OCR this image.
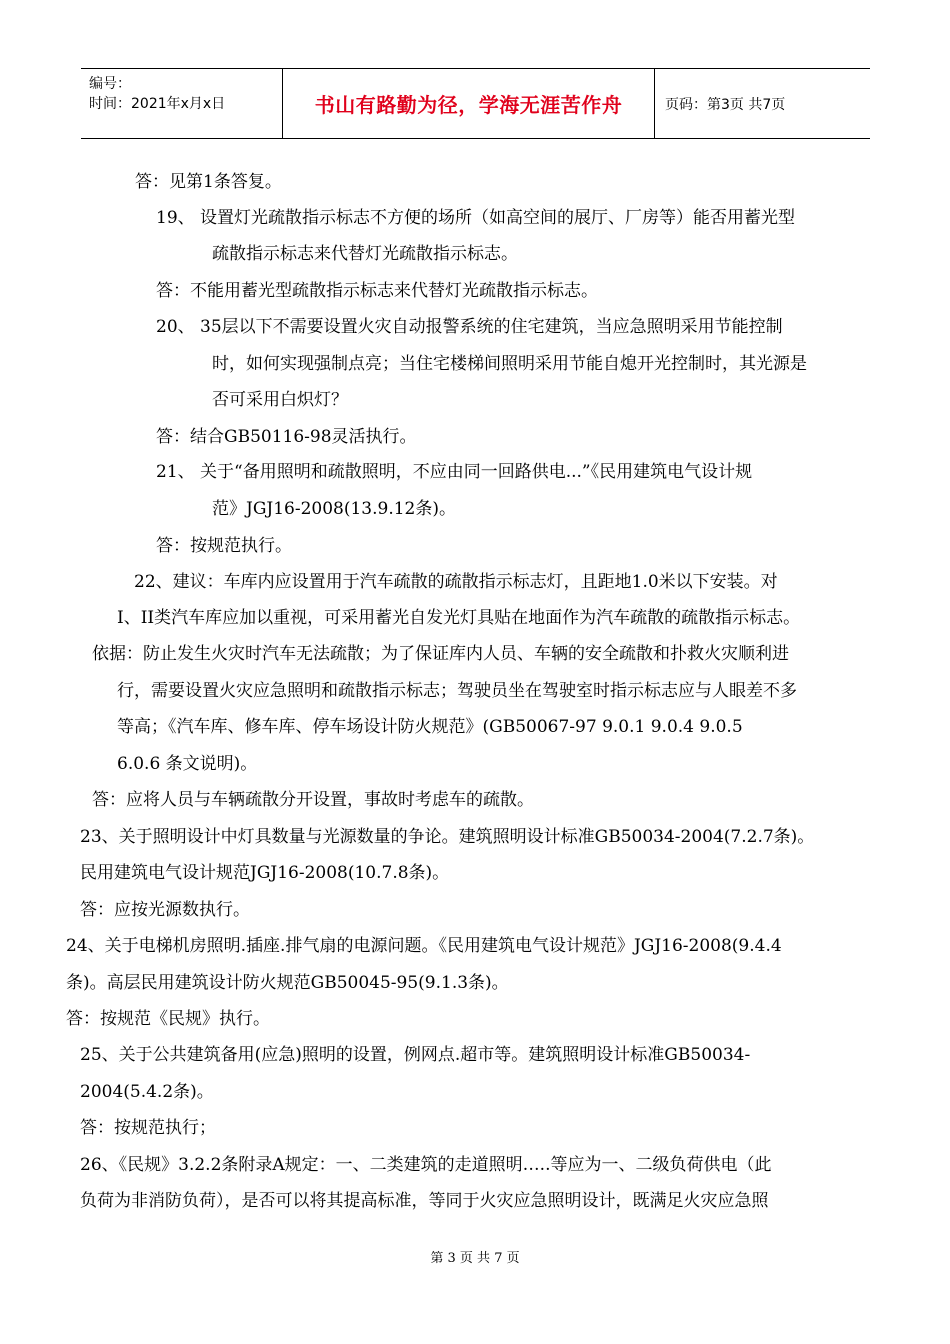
编号：
时间：2021年x月x日	书山有路勤为径，学海无涯苦作舟	页码：第3页 共7页
答：见第1条答复。
19、 设置灯光疏散指示标志不方便的场所（如高空间的展厅、厂房等）能否用蓄光型
疏散指示标志来代替灯光疏散指示标志。
答：不能用蓄光型疏散指示标志来代替灯光疏散指示标志。
20、 35层以下不需要设置火灾自动报警系统的住宅建筑，当应急照明采用节能控制
时，如何实现强制点亮；当住宅楼梯间照明采用节能自熄开光控制时，其光源是
否可采用白炽灯？
答：结合GB50116-98灵活执行。
21、 关于“备用照明和疏散照明，不应由同一回路供电...”《民用建筑电气设计规
范》JGJ16-2008(13.9.12条)。
答：按规范执行。
22、建议：车库内应设置用于汽车疏散的疏散指示标志灯，且距地1.0米以下安装。对
I、II类汽车库应加以重视，可采用蓄光自发光灯具贴在地面作为汽车疏散的疏散指示标志。
依据：防止发生火灾时汽车无法疏散；为了保证库内人员、车辆的安全疏散和扑救火灾顺利进
行，需要设置火灾应急照明和疏散指示标志；驾驶员坐在驾驶室时指示标志应与人眼差不多
等高；《汽车库、修车库、停车场设计防火规范》(GB50067-97 9.0.1 9.0.4 9.0.5
6.0.6 条文说明)。
答：应将人员与车辆疏散分开设置，事故时考虑车的疏散。
23、关于照明设计中灯具数量与光源数量的争论。建筑照明设计标准GB50034-2004(7.2.7条)。
民用建筑电气设计规范JGJ16-2008(10.7.8条)。
答：应按光源数执行。
24、关于电梯机房照明.插座.排气扇的电源问题。《民用建筑电气设计规范》JGJ16-2008(9.4.4
条)。高层民用建筑设计防火规范GB50045-95(9.1.3条)。
答：按规范《民规》执行。
25、关于公共建筑备用(应急)照明的设置，例网点.超市等。建筑照明设计标准GB50034-
2004(5.4.2条)。
答：按规范执行；
26、《民规》3.2.2条附录A规定：一、二类建筑的走道照明…..等应为一、二级负荷供电（此
负荷为非消防负荷），是否可以将其提高标准，等同于火灾应急照明设计，既满足火灾应急照
第 3 页 共 7 页
